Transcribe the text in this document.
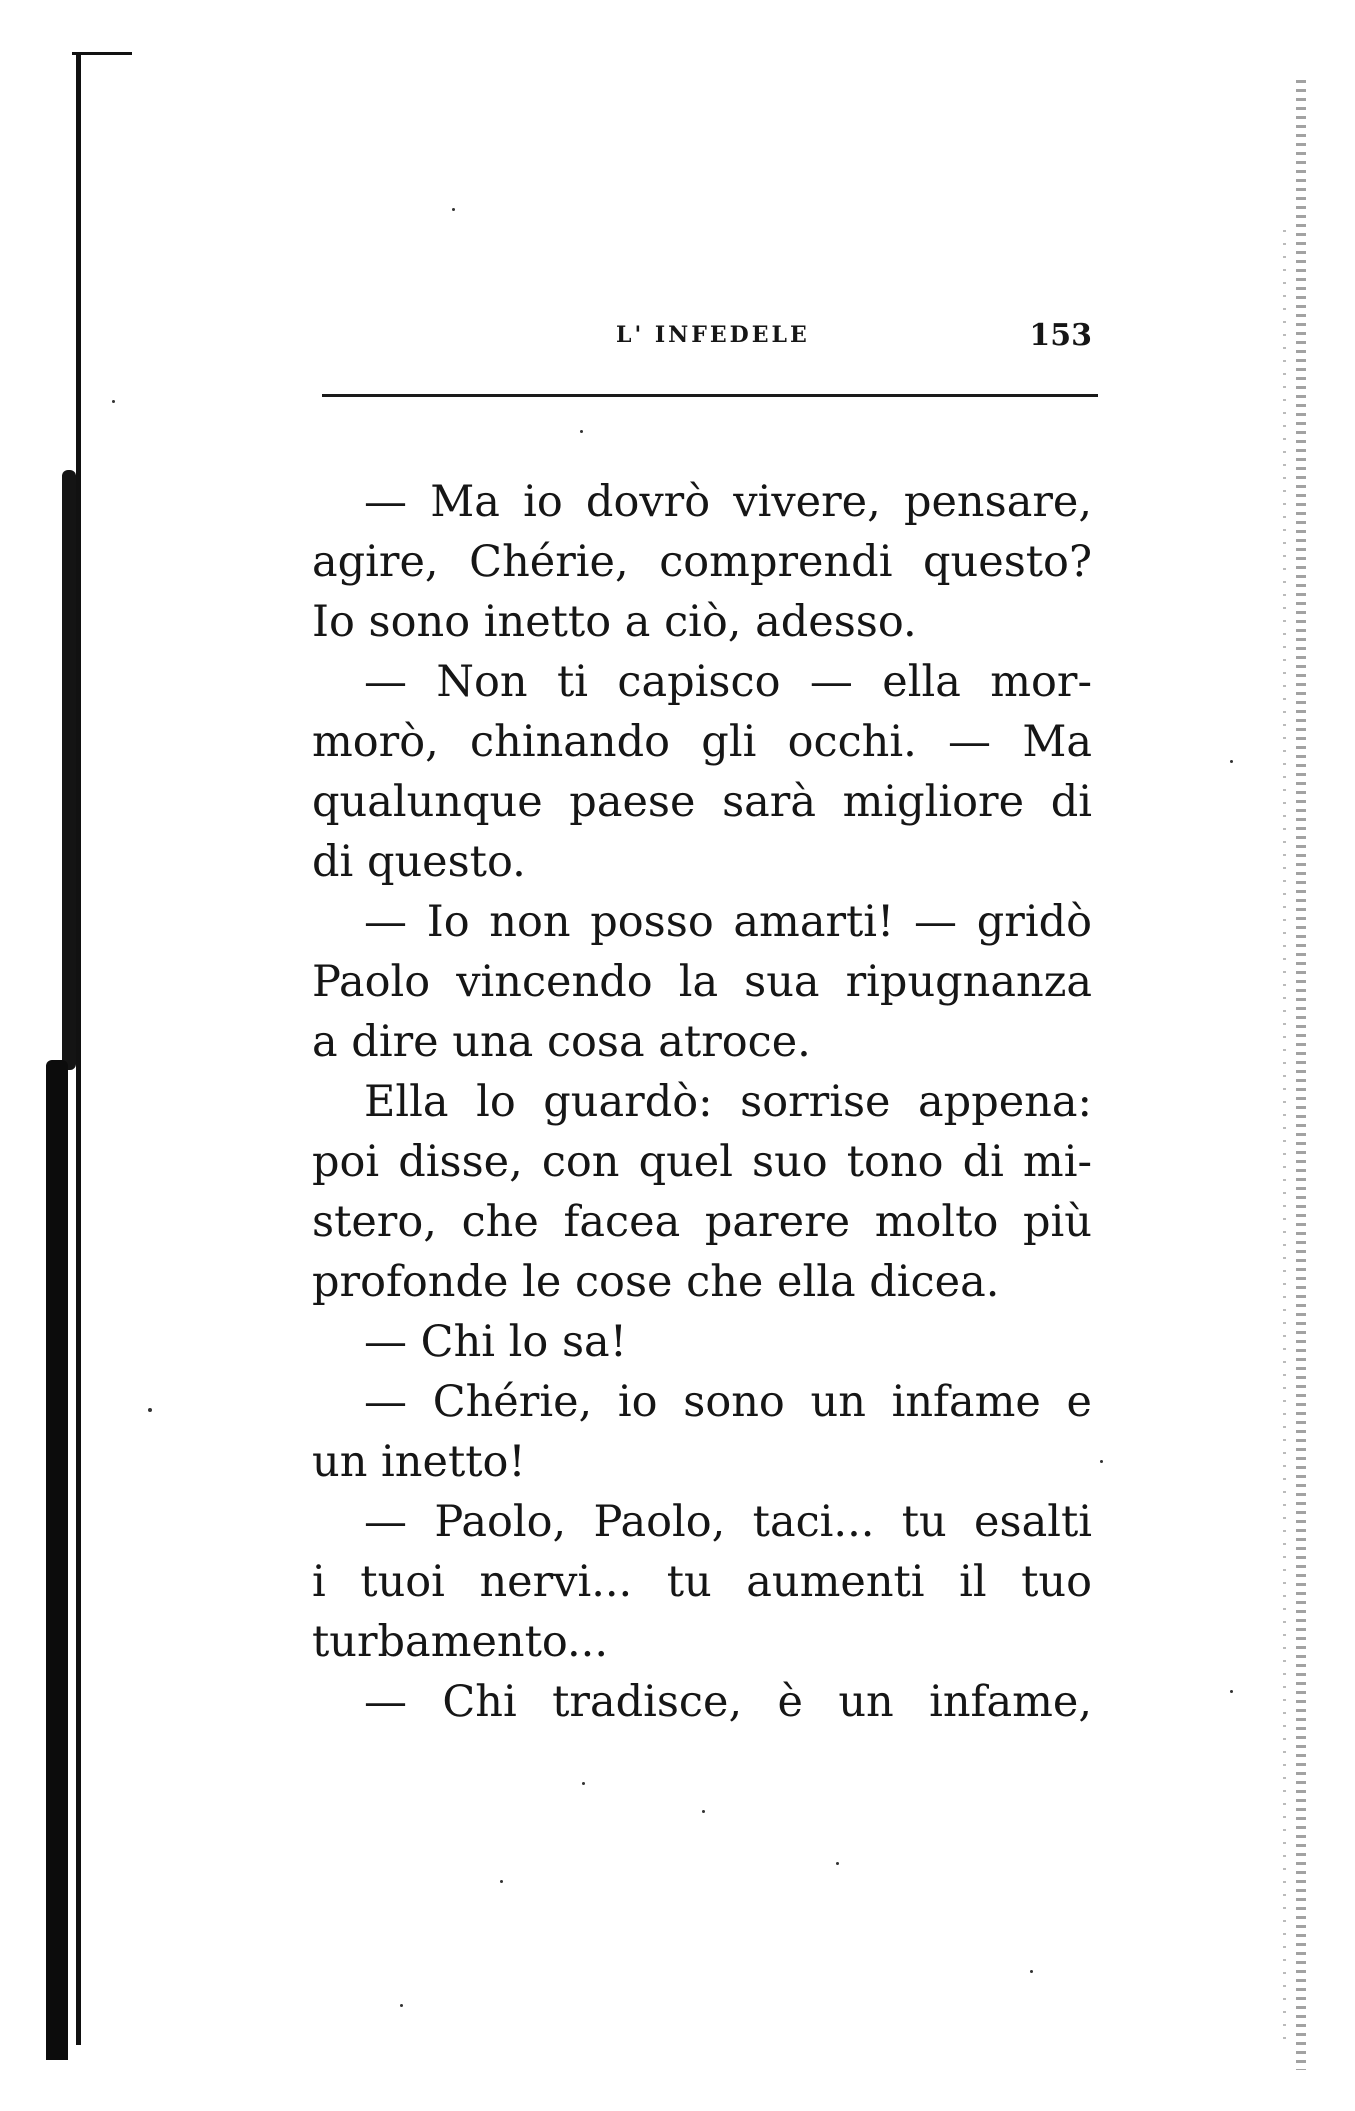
L' INFEDELE	153
— Ma io dovrò vivere, pensare,
agire, Chérie, comprendi questo?
Io sono inetto a ciò, adesso.
— Non ti capisco — ella mor-
morò, chinando gli occhi. — Ma
qualunque paese sarà migliore di
di questo.
— Io non posso amarti! — gridò
Paolo vincendo la sua ripugnanza
a dire una cosa atroce.
Ella lo guardò: sorrise appena:
poi disse, con quel suo tono di mi-
stero, che facea parere molto più
profonde le cose che ella dicea.
— Chi lo sa!
— Chérie, io sono un infame e
un inetto!
— Paolo, Paolo, taci... tu esalti
i tuoi nervi... tu aumenti il tuo
turbamento...
— Chi tradisce, è un infame,
